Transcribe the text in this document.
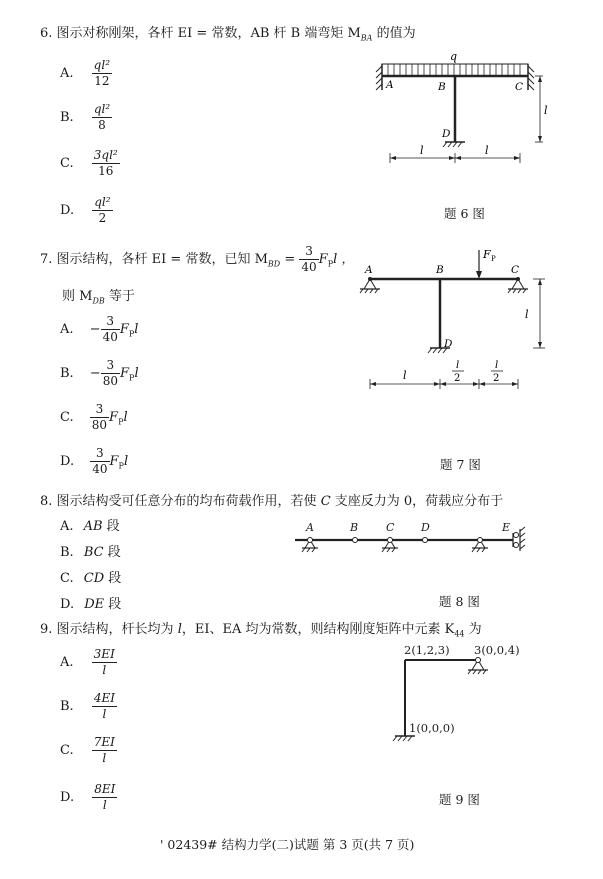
6. 图示对称刚架，各杆 EI = 常数，AB 杆 B 端弯矩 $M_{BA}$ 的值为
A. $\frac{\text{ql²}}{12}$
B. $\frac{\text{ql²}}{8}$
C. $\frac{\text{3ql²}}{16}$
D. $\frac{\text{ql²}}{2}$
q
A	B	C
D
l
l	l
题 6 图
7. 图示结构，各杆 EI = 常数，已知 $M_{BD} = \frac{3}{40} F_Pl$ ，
则 $M_{DB}$ 等于
A. − $\frac{3}{40} F_Pl$
B. − $\frac{3}{80} F_Pl$
C. $\frac{3}{80} F_Pl$
D. $\frac{3}{40} F_Pl$
F P
A	B	C
D
l
l
l
2
l
2
题 7 图
8. 图示结构受可任意分布的均布荷载作用，若使 C 支座反力为 0，荷载应分布于
A. AB 段
B. BC 段
C. CD 段
D. DE 段
A	B	C D	E
题 8 图
9. 图示结构，杆长均为 l，EI、EA 均为常数，则结构刚度矩阵中元素 $K_{44}$ 为
A. $\frac{3EI}{l}$
B. $\frac{4EI}{l}$
C. $\frac{7EI}{l}$
D. $\frac{8EI}{l}$
2(1,2,3) 3(0,0,4)
1(0,0,0)
题 9 图
' 02439# 结构力学(二)试题 第 3 页(共 7 页)
